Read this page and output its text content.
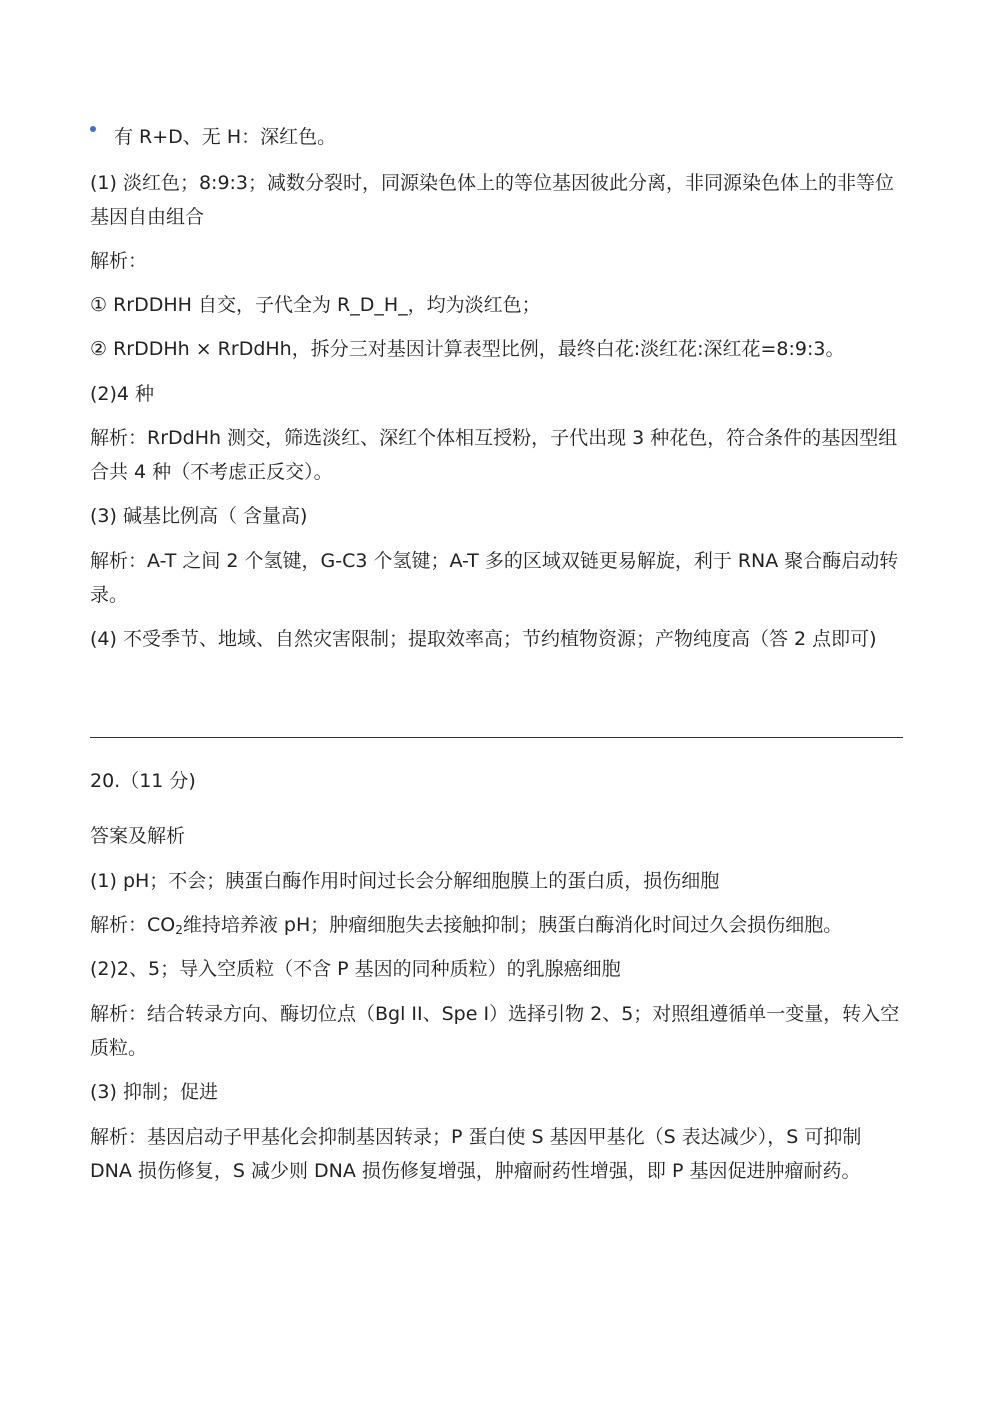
有 R+D、无 H：深红色。

(1) 淡红色；8:9:3；减数分裂时，同源染色体上的等位基因彼此分离，非同源染色体上的非等位基因自由组合

解析：

① RrDDHH 自交，子代全为 R_D_H_，均为淡红色；

② RrDDHh × RrDdHh，拆分三对基因计算表型比例，最终白花:淡红花:深红花=8:9:3。

(2)4 种

解析：RrDdHh 测交，筛选淡红、深红个体相互授粉，子代出现 3 种花色，符合条件的基因型组合共 4 种（不考虑正反交）。

(3) 碱基比例高（ 含量高)

解析：A-T 之间 2 个氢键，G-C3 个氢键；A-T 多的区域双链更易解旋，利于 RNA 聚合酶启动转录。

(4) 不受季节、地域、自然灾害限制；提取效率高；节约植物资源；产物纯度高（答 2 点即可)

20.（11 分)

答案及解析

(1) pH；不会；胰蛋白酶作用时间过长会分解细胞膜上的蛋白质，损伤细胞

解析：$CO_2$维持培养液 pH；肿瘤细胞失去接触抑制；胰蛋白酶消化时间过久会损伤细胞。

(2)2、5；导入空质粒（不含 P 基因的同种质粒）的乳腺癌细胞

解析：结合转录方向、酶切位点（Bgl II、Spe I）选择引物 2、5；对照组遵循单一变量，转入空质粒。

(3) 抑制；促进

解析：基因启动子甲基化会抑制基因转录；P 蛋白使 S 基因甲基化（S 表达减少），S 可抑制 DNA 损伤修复，S 减少则 DNA 损伤修复增强，肿瘤耐药性增强，即 P 基因促进肿瘤耐药。
